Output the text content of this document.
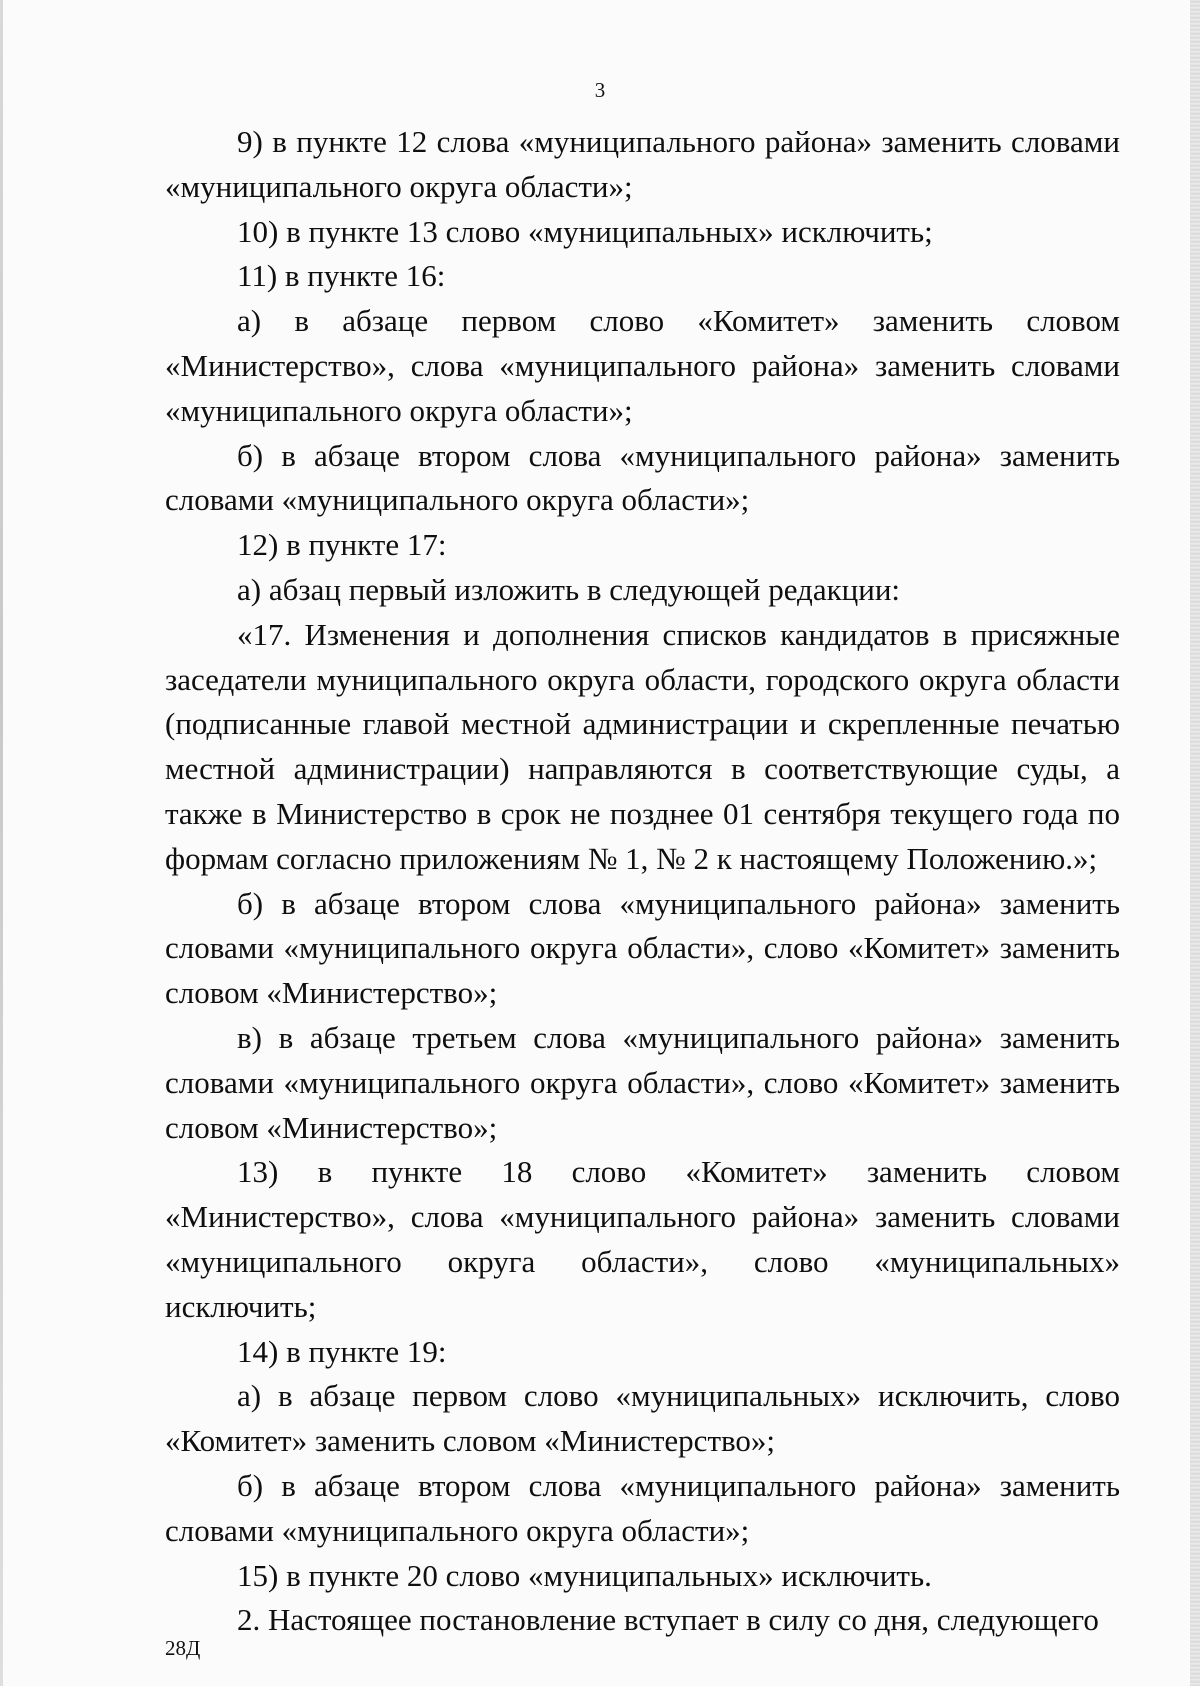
3

9) в пункте 12 слова «муниципального района» заменить словами «муниципального округа области»;

10) в пункте 13 слово «муниципальных» исключить;

11) в пункте 16:

а) в абзаце первом слово «Комитет» заменить словом «Министерство», слова «муниципального района» заменить словами «муниципального округа области»;

б) в абзаце втором слова «муниципального района» заменить словами «муниципального округа области»;

12) в пункте 17:

а) абзац первый изложить в следующей редакции:

«17. Изменения и дополнения списков кандидатов в присяжные заседатели муниципального округа области, городского округа области (подписанные главой местной администрации и скрепленные печатью местной администрации) направляются в соответствующие суды, а также в Министерство в срок не позднее 01 сентября текущего года по формам согласно приложениям № 1, № 2 к настоящему Положению.»;

б) в абзаце втором слова «муниципального района» заменить словами «муниципального округа области», слово «Комитет» заменить словом «Министерство»;

в) в абзаце третьем слова «муниципального района» заменить словами «муниципального округа области», слово «Комитет» заменить словом «Министерство»;

13) в пункте 18 слово «Комитет» заменить словом «Министерство», слова «муниципального района» заменить словами «муниципального округа области», слово «муниципальных» исключить;

14) в пункте 19:

а) в абзаце первом слово «муниципальных» исключить, слово «Комитет» заменить словом «Министерство»;

б) в абзаце втором слова «муниципального района» заменить словами «муниципального округа области»;

15) в пункте 20 слово «муниципальных» исключить.

2. Настоящее постановление вступает в силу со дня, следующего

28Д
